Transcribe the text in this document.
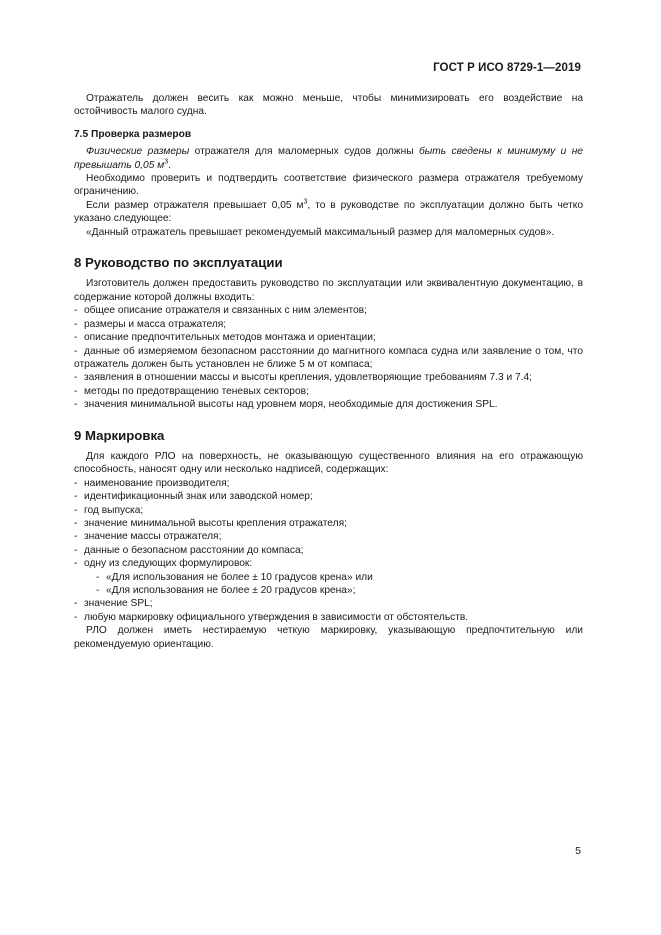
ГОСТ Р ИСО 8729-1—2019

Отражатель должен весить как можно меньше, чтобы минимизировать его воздействие на остойчивость малого судна.

7.5 Проверка размеров

Физические размеры отражателя для маломерных судов должны быть сведены к минимуму и не превышать 0,05 $м^3$.

Необходимо проверить и подтвердить соответствие физического размера отражателя требуемому ограничению.

Если размер отражателя превышает 0,05 $м^3$, то в руководстве по эксплуатации должно быть четко указано следующее:

«Данный отражатель превышает рекомендуемый максимальный размер для маломерных судов».

8 Руководство по эксплуатации

Изготовитель должен предоставить руководство по эксплуатации или эквивалентную документацию, в содержание которой должны входить:

- общее описание отражателя и связанных с ним элементов;

- размеры и масса отражателя;

- описание предпочтительных методов монтажа и ориентации;

- данные об измеряемом безопасном расстоянии до магнитного компаса судна или заявление о том, что отражатель должен быть установлен не ближе 5 м от компаса;

- заявления в отношении массы и высоты крепления, удовлетворяющие требованиям 7.3 и 7.4;

- методы по предотвращению теневых секторов;

- значения минимальной высоты над уровнем моря, необходимые для достижения SPL.

9 Маркировка

Для каждого РЛО на поверхность, не оказывающую существенного влияния на его отражающую способность, наносят одну или несколько надписей, содержащих:

- наименование производителя;

- идентификационный знак или заводской номер;

- год выпуска;

- значение минимальной высоты крепления отражателя;

- значение массы отражателя;

- данные о безопасном расстоянии до компаса;

- одну из следующих формулировок:

- «Для использования не более ± 10 градусов крена» или

- «Для использования не более ± 20 градусов крена»;

- значение SPL;

- любую маркировку официального утверждения в зависимости от обстоятельств.

РЛО должен иметь нестираемую четкую маркировку, указывающую предпочтительную или рекомендуемую ориентацию.

5
